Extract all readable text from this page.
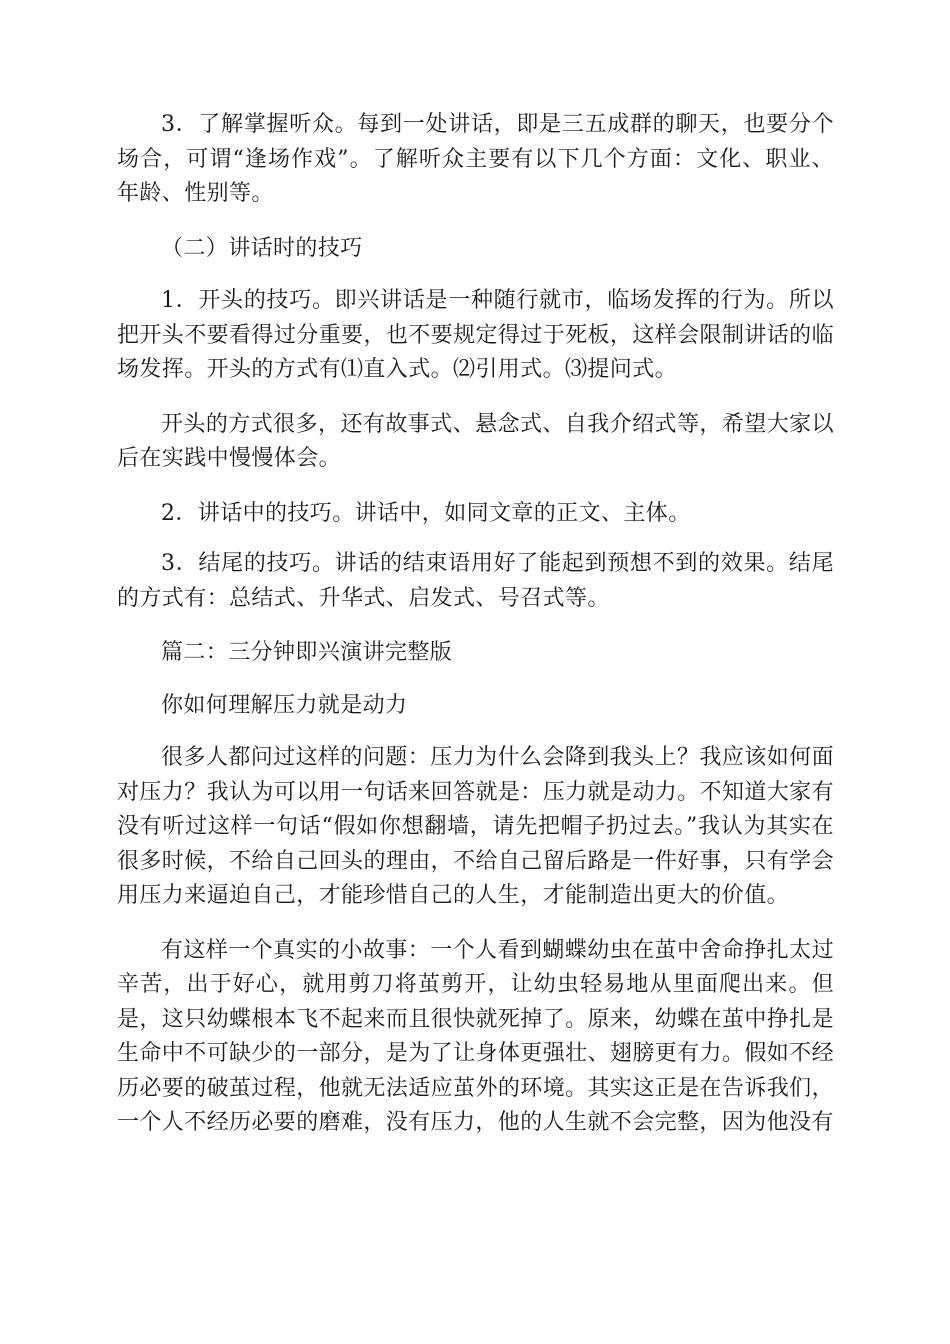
3．了解掌握听众。每到一处讲话，即是三五成群的聊天，也要分个场合，可谓“逢场作戏”。了解听众主要有以下几个方面：文化、职业、年龄、性别等。

（二）讲话时的技巧

1．开头的技巧。即兴讲话是一种随行就市，临场发挥的行为。所以把开头不要看得过分重要，也不要规定得过于死板，这样会限制讲话的临场发挥。开头的方式有⑴直入式。⑵引用式。⑶提问式。

开头的方式很多，还有故事式、悬念式、自我介绍式等，希望大家以后在实践中慢慢体会。

2．讲话中的技巧。讲话中，如同文章的正文、主体。

3．结尾的技巧。讲话的结束语用好了能起到预想不到的效果。结尾的方式有：总结式、升华式、启发式、号召式等。

篇二：三分钟即兴演讲完整版

你如何理解压力就是动力

很多人都问过这样的问题：压力为什么会降到我头上？我应该如何面对压力？我认为可以用一句话来回答就是：压力就是动力。不知道大家有没有听过这样一句话“假如你想翻墙，请先把帽子扔过去。”我认为其实在很多时候，不给自己回头的理由，不给自己留后路是一件好事，只有学会用压力来逼迫自己，才能珍惜自己的人生，才能制造出更大的价值。

有这样一个真实的小故事：一个人看到蝴蝶幼虫在茧中舍命挣扎太过辛苦，出于好心，就用剪刀将茧剪开，让幼虫轻易地从里面爬出来。但是，这只幼蝶根本飞不起来而且很快就死掉了。原来，幼蝶在茧中挣扎是生命中不可缺少的一部分，是为了让身体更强壮、翅膀更有力。假如不经历必要的破茧过程，他就无法适应茧外的环境。其实这正是在告诉我们，一个人不经历必要的磨难，没有压力，他的人生就不会完整，因为他没有
